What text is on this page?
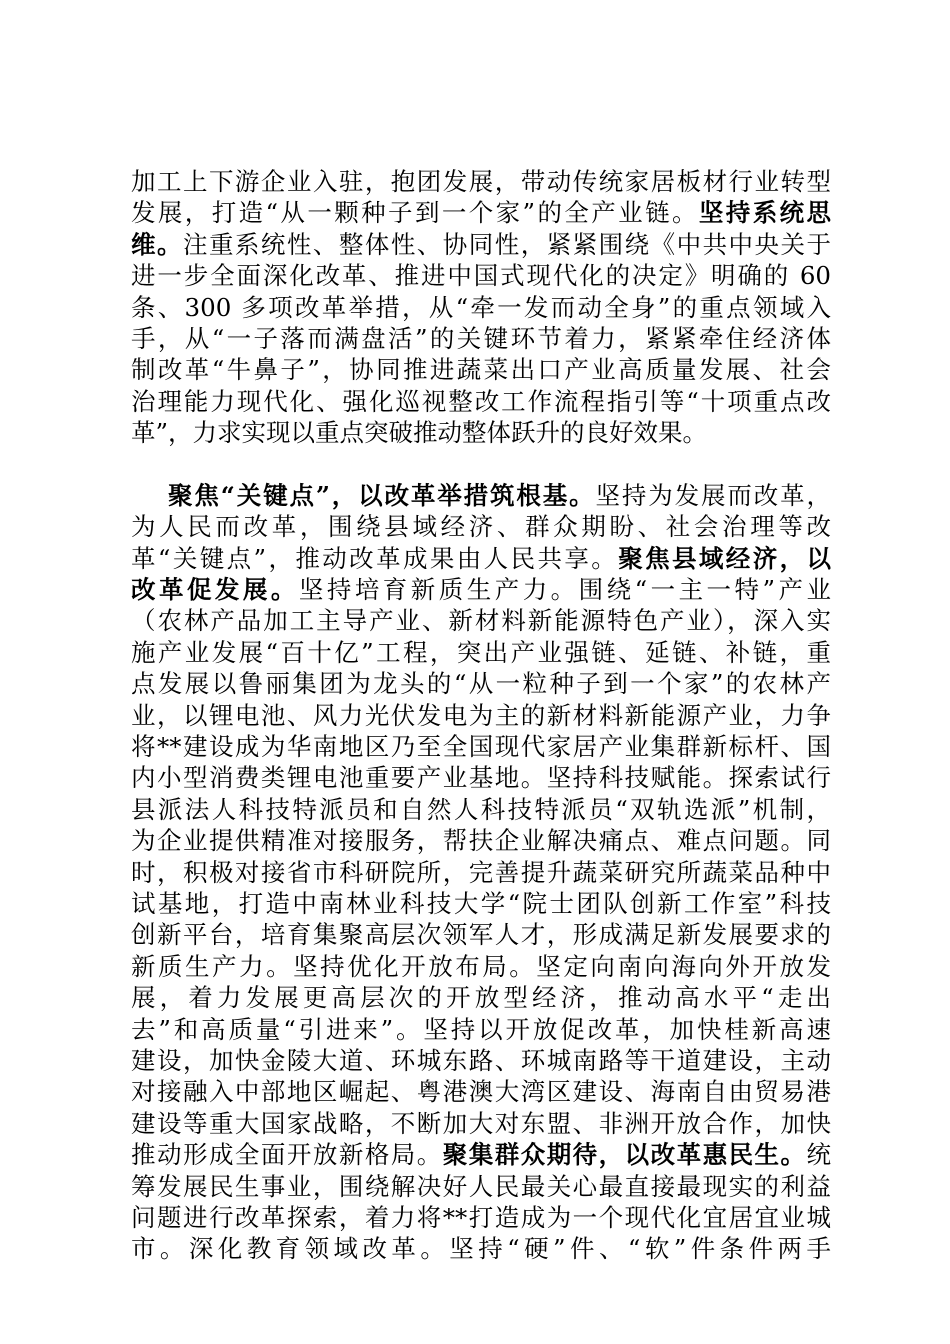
加工上下游企业入驻，抱团发展，带动传统家居板材行业转型
发展，打造“从一颗种子到一个家”的全产业链。坚持系统思
维。注重系统性、整体性、协同性，紧紧围绕《中共中央关于
进一步全面深化改革、推进中国式现代化的决定》明确的 60
条、300 多项改革举措，从“牵一发而动全身”的重点领域入
手，从“一子落而满盘活”的关键环节着力，紧紧牵住经济体
制改革“牛鼻子”，协同推进蔬菜出口产业高质量发展、社会
治理能力现代化、强化巡视整改工作流程指引等“十项重点改
革”，力求实现以重点突破推动整体跃升的良好效果。
聚焦“关键点”，以改革举措筑根基。坚持为发展而改革，
为人民而改革，围绕县域经济、群众期盼、社会治理等改
革“关键点”，推动改革成果由人民共享。聚焦县域经济，以
改革促发展。坚持培育新质生产力。围绕“一主一特”产业
（农林产品加工主导产业、新材料新能源特色产业），深入实
施产业发展“百十亿”工程，突出产业强链、延链、补链，重
点发展以鲁丽集团为龙头的“从一粒种子到一个家”的农林产
业，以锂电池、风力光伏发电为主的新材料新能源产业，力争
将**建设成为华南地区乃至全国现代家居产业集群新标杆、国
内小型消费类锂电池重要产业基地。坚持科技赋能。探索试行
县派法人科技特派员和自然人科技特派员“双轨选派”机制，
为企业提供精准对接服务，帮扶企业解决痛点、难点问题。同
时，积极对接省市科研院所，完善提升蔬菜研究所蔬菜品种中
试基地，打造中南林业科技大学“院士团队创新工作室”科技
创新平台，培育集聚高层次领军人才，形成满足新发展要求的
新质生产力。坚持优化开放布局。坚定向南向海向外开放发
展，着力发展更高层次的开放型经济，推动高水平“走出
去”和高质量“引进来”。坚持以开放促改革，加快桂新高速
建设，加快金陵大道、环城东路、环城南路等干道建设，主动
对接融入中部地区崛起、粤港澳大湾区建设、海南自由贸易港
建设等重大国家战略，不断加大对东盟、非洲开放合作，加快
推动形成全面开放新格局。聚集群众期待，以改革惠民生。统
筹发展民生事业，围绕解决好人民最关心最直接最现实的利益
问题进行改革探索，着力将**打造成为一个现代化宜居宜业城
市。深化教育领域改革。坚持“硬”件、“软”件条件两手
